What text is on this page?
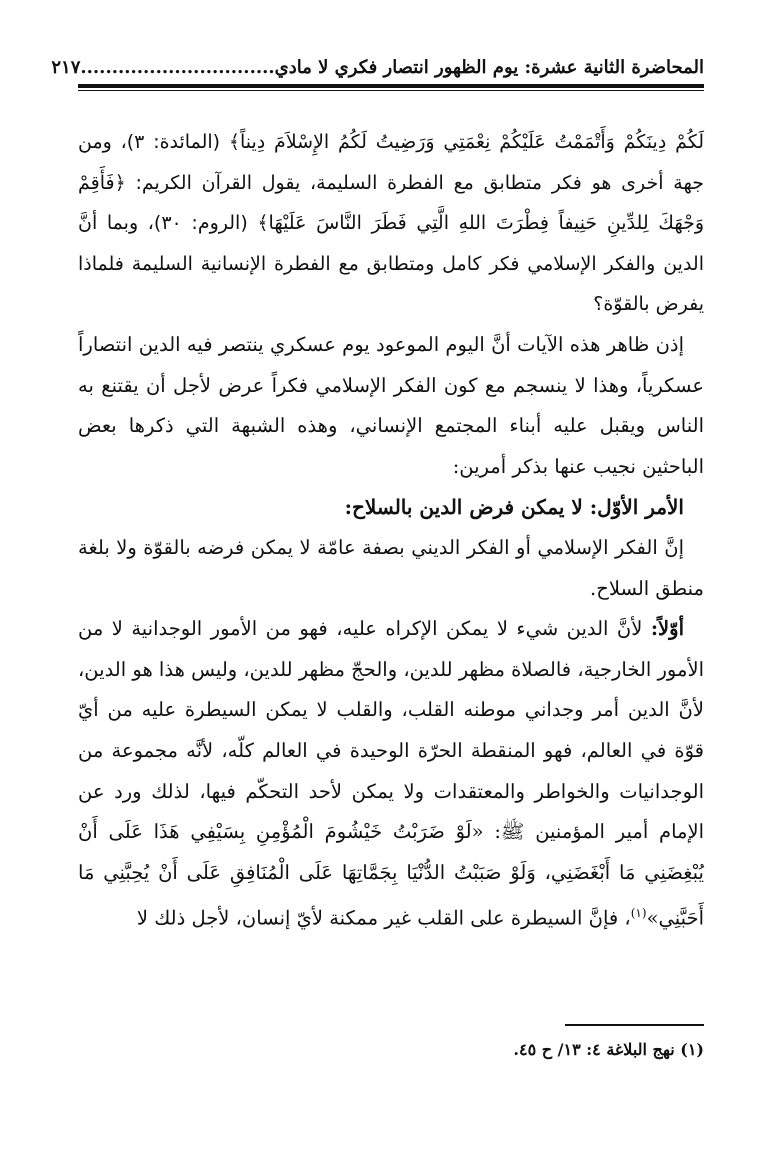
المحاضرة الثانية عشرة: يوم الظهور انتصار فكري لا مادي
...............................٢١٧

لَكُمْ دِينَكُمْ وَأَتْمَمْتُ عَلَيْكُمْ نِعْمَتِي وَرَضِيتُ لَكُمُ الإِسْلاَمَ دِيناً﴾ (المائدة: ٣)، ومن جهة أخرى هو فكر متطابق مع الفطرة السليمة، يقول القرآن الكريم: ﴿فَأَقِمْ وَجْهَكَ لِلدِّينِ حَنِيفاً فِطْرَتَ اللهِ الَّتِي فَطَرَ النَّاسَ عَلَيْهَا﴾ (الروم: ٣٠)، وبما أنَّ الدين والفكر الإسلامي فكر كامل ومتطابق مع الفطرة الإنسانية السليمة فلماذا يفرض بالقوّة؟

إذن ظاهر هذه الآيات أنَّ اليوم الموعود يوم عسكري ينتصر فيه الدين انتصاراً عسكرياً، وهذا لا ينسجم مع كون الفكر الإسلامي فكراً عرض لأجل أن يقتنع به الناس ويقبل عليه أبناء المجتمع الإنساني، وهذه الشبهة التي ذكرها بعض الباحثين نجيب عنها بذكر أمرين:

الأمر الأوّل: لا يمكن فرض الدين بالسلاح:

إنَّ الفكر الإسلامي أو الفكر الديني بصفة عامّة لا يمكن فرضه بالقوّة ولا بلغة منطق السلاح.

أوّلاً: لأنَّ الدين شيء لا يمكن الإكراه عليه، فهو من الأمور الوجدانية لا من الأمور الخارجية، فالصلاة مظهر للدين، والحجّ مظهر للدين، وليس هذا هو الدين، لأنَّ الدين أمر وجداني موطنه القلب، والقلب لا يمكن السيطرة عليه من أيّ قوّة في العالم، فهو المنقطة الحرّة الوحيدة في العالم كلّه، لأنَّه مجموعة من الوجدانيات والخواطر والمعتقدات ولا يمكن لأحد التحكّم فيها، لذلك ورد عن الإمام أمير المؤمنين ﷺ: «لَوْ ضَرَبْتُ خَيْشُومَ الْمُؤْمِنِ بِسَيْفِي هَذَا عَلَى أَنْ يُبْغِضَنِي مَا أَبْغَضَنِي، وَلَوْ صَبَبْتُ الدُّنْيَا بِجَمَّاتِهَا عَلَى الْمُنَافِقِ عَلَى أَنْ يُحِبَّنِي مَا أَحَبَّنِي»$^{(١)}$، فإنَّ السيطرة على القلب غير ممكنة لأيّ إنسان، لأجل ذلك لا

(١) نهج البلاغة ٤: ١٣/ ح ٤٥.
